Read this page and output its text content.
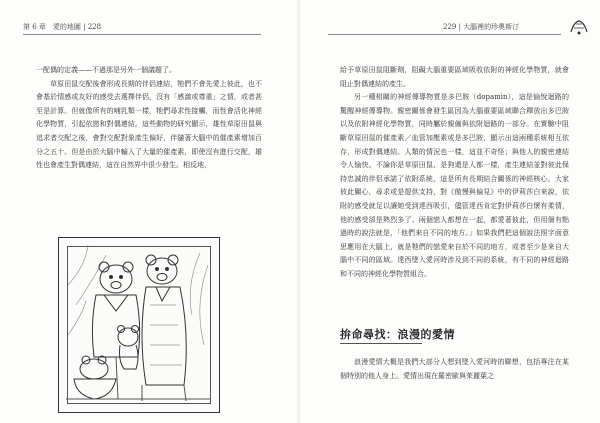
第 6 章　愛的地圖 | 228

一配偶的定義——不過那是另外一個議題了。

草原田鼠交配後會形成長期的伴侶連結，牠們不會先愛上彼此，也不會基於情感或友好的感受去選擇伴侶，沒有「感激或尊重」之情，或者甚至是計算。但就像所有的哺乳類一樣，牠們尋求性接觸，而性會活化神經化學物質，引起依戀和對偶連結。這些動物的研究顯示，雄性草原田鼠與追求者交配之後，會對交配對象產生偏好，伴隨著大腦中的催產素增加百分之五十。但是由於大腦中輸入了大量的催產素，即使沒有進行交配，雄性也會產生對偶連結，這在自然界中很少發生。相反地，

229 | 大腦裡的珍奧斯汀

給予草原田鼠阻斷劑，阻礙大腦重要區域吸收依附的神經化學物質，就會阻止對偶連結的產生。

另一種相關的神經傳導物質是多巴胺（dopamin），這是愉悅迴路的驚醒神經傳導物。親密關係會發生區因為大腦重要區域聯合釋放出多巴胺以及依附神經化學物質，同時屬於親僱與依附迴路的一部分。在實驗中阻斷草原田鼠的催產素／血管加壓素或是多巴胺，顯示出這兩種系統相互依存，形成對偶連結。人類的情況也一樣，這並不奇怪；與他人的親密連結令人愉快。不論你是草原田鼠、是狗還是人都一樣，產生連結並對彼此保持忠誠的伴侶承諾了依附系統，這是所有長期結合關係的神經核心。大家彼此關心，尋求或是提供支持，對《傲慢與偏見》中的伊莉莎白來說，依附的感受就足以讓她受到達西吸引，儘管達西肯定對伊莉莎白懷有柔情，他的感受卻是熱烈多了。兩個戀人都想在一起，都愛著彼此，但用個有點過時的說法就是，「他們來自不同的地方。」如果我們把這個說法照字面意思應用在大腦上，就是牠們的戀愛來自於不同的地方，或者至少是來自大腦中不同的區域。達西墜入愛河時涉及到不同的系統，有不同的神經迴路和不同的神經化學物質組合。

拚命尋找：浪漫的愛情

浪漫愛情大概是我們大部分人想到墜入愛河時的聯想，包括專注在某個特別的他人身上。愛情出現在羅密歐與茱麗葉之
